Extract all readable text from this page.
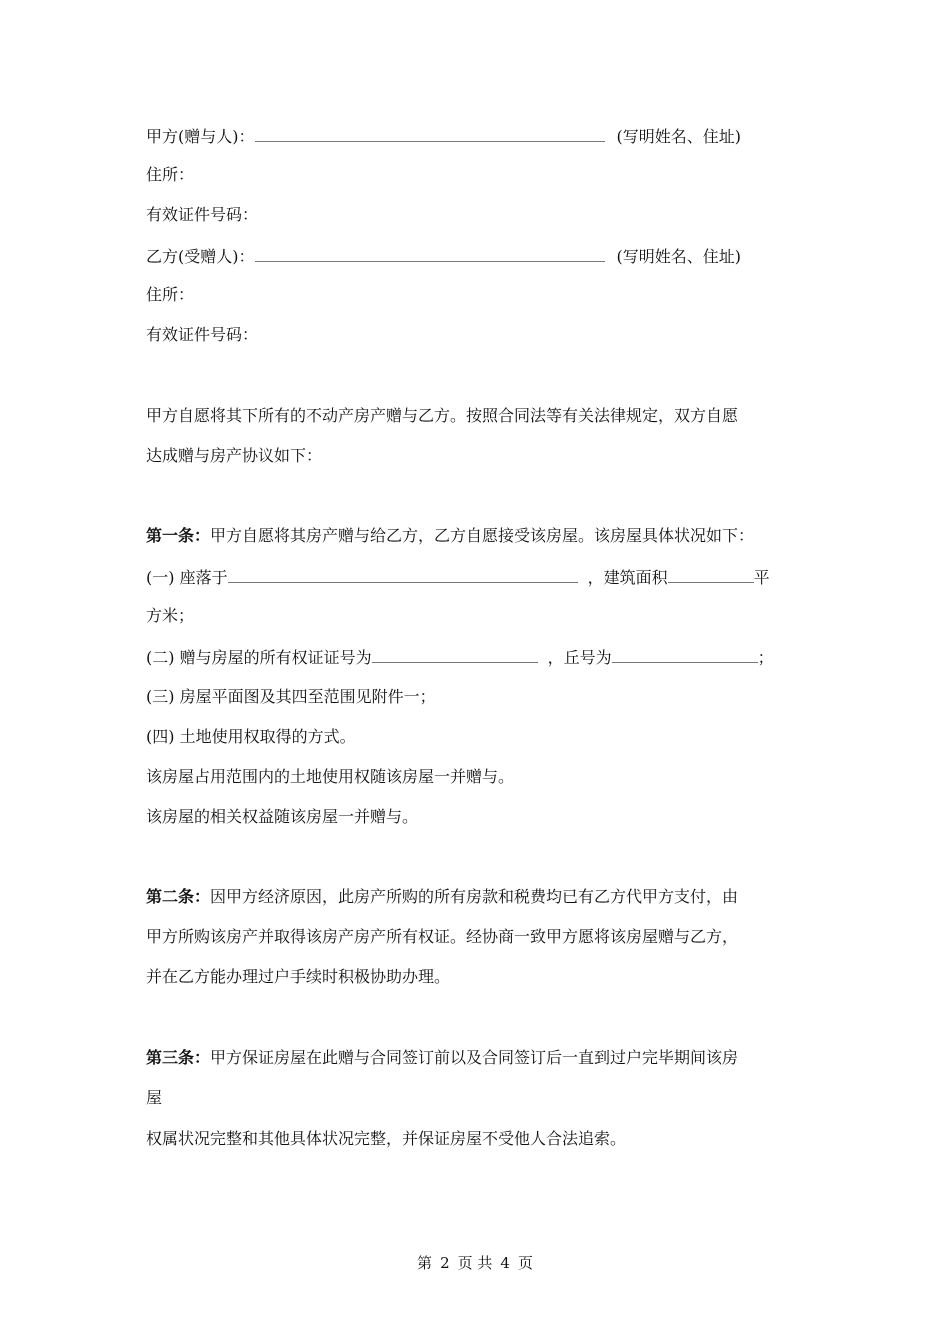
甲方(赠与人)：	(写明姓名、住址)
住所：
有效证件号码：
乙方(受赠人)：	(写明姓名、住址)
住所：
有效证件号码：
甲方自愿将其下所有的不动产房产赠与乙方。按照合同法等有关法律规定，双方自愿
达成赠与房产协议如下：
第一条：甲方自愿将其房产赠与给乙方，乙方自愿接受该房屋。该房屋具体状况如下：
(一) 座落于	，建筑面积	平
方米；
(二) 赠与房屋的所有权证证号为	，丘号为	；
(三) 房屋平面图及其四至范围见附件一；
(四) 土地使用权取得的方式。
该房屋占用范围内的土地使用权随该房屋一并赠与。
该房屋的相关权益随该房屋一并赠与。
第二条：因甲方经济原因，此房产所购的所有房款和税费均已有乙方代甲方支付，由
甲方所购该房产并取得该房产房产所有权证。经协商一致甲方愿将该房屋赠与乙方，
并在乙方能办理过户手续时积极协助办理。
第三条：甲方保证房屋在此赠与合同签订前以及合同签订后一直到过户完毕期间该房
屋
权属状况完整和其他具体状况完整，并保证房屋不受他人合法追索。
第 2 页 共 4 页
